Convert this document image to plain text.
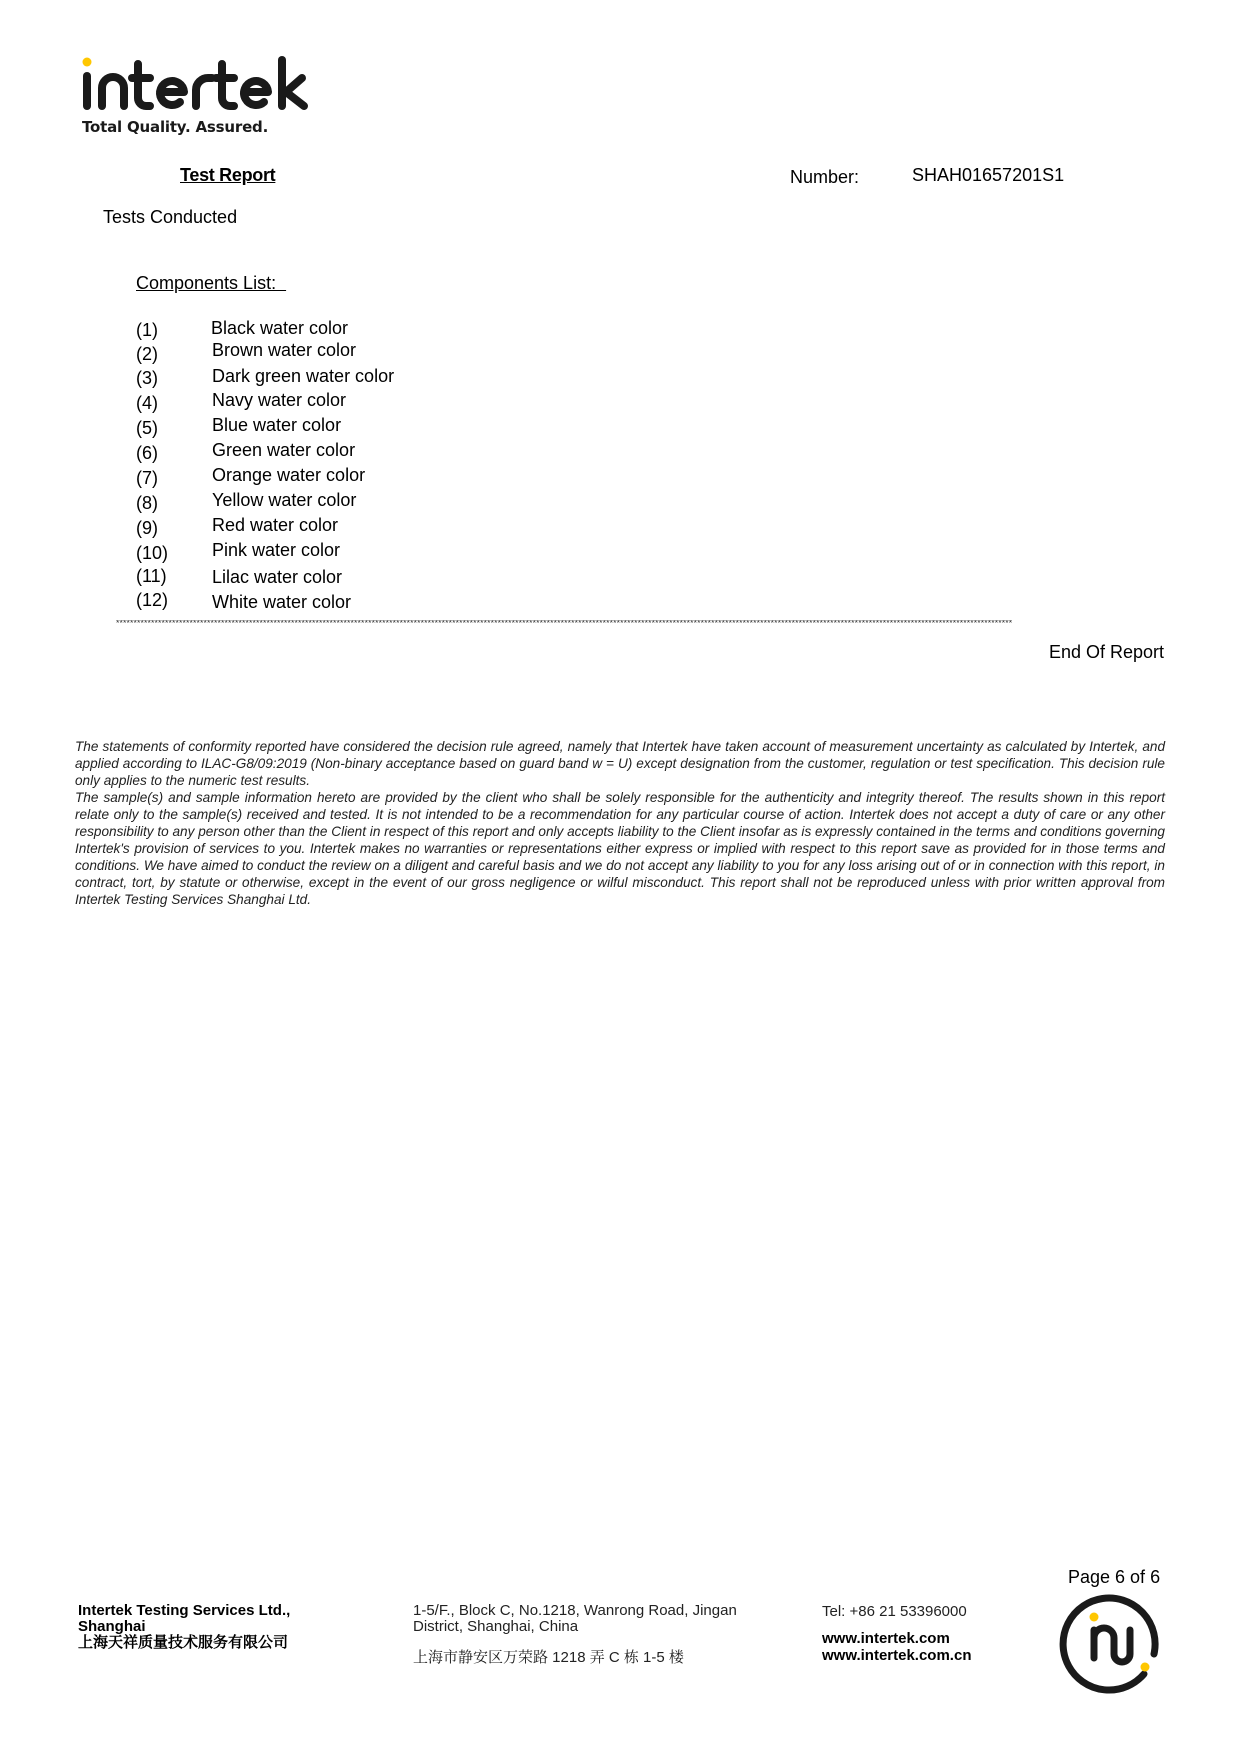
Total Quality. Assured.
Test Report	Number:	SHAH01657201S1
Tests Conducted
Components List:
(1)	Black water color
(2)	Brown water color
(3)	Dark green water color
(4)	Navy water color
(5)	Blue water color
(6)	Green water color
(7)	Orange water color
(8)	Yellow water color
(9)	Red water color
(10) Pink water color
(11)	Lilac water color
(12) White water color
****************************************************************************************************************************************************************************************************************************************************************
End Of Report

The statements of conformity reported have considered the decision rule agreed, namely that Intertek have taken account of measurement uncertainty as calculated by Intertek, and applied according to ILAC-G8/09:2019 (Non-binary acceptance based on guard band w = U) except designation from the customer, regulation or test specification. This decision rule only applies to the numeric test results.

The sample(s) and sample information hereto are provided by the client who shall be solely responsible for the authenticity and integrity thereof. The results shown in this report relate only to the sample(s) received and tested. It is not intended to be a recommendation for any particular course of action. Intertek does not accept a duty of care or any other responsibility to any person other than the Client in respect of this report and only accepts liability to the Client insofar as is expressly contained in the terms and conditions governing Intertek's provision of services to you. Intertek makes no warranties or representations either express or implied with respect to this report save as provided for in those terms and conditions. We have aimed to conduct the review on a diligent and careful basis and we do not accept any liability to you for any loss arising out of or in connection with this report, in contract, tort, by statute or otherwise, except in the event of our gross negligence or wilful misconduct. This report shall not be reproduced unless with prior written approval from Intertek Testing Services Shanghai Ltd.

Page 6 of 6
Intertek Testing Services Ltd.,
Shanghai
上海天祥质量技术服务有限公司
1-5/F., Block C, No.1218, Wanrong Road, Jingan
District, Shanghai, China
上海市静安区万荣路 1218 弄 C 栋 1-5 楼
Tel: +86 21 53396000
www.intertek.com
www.intertek.com.cn
